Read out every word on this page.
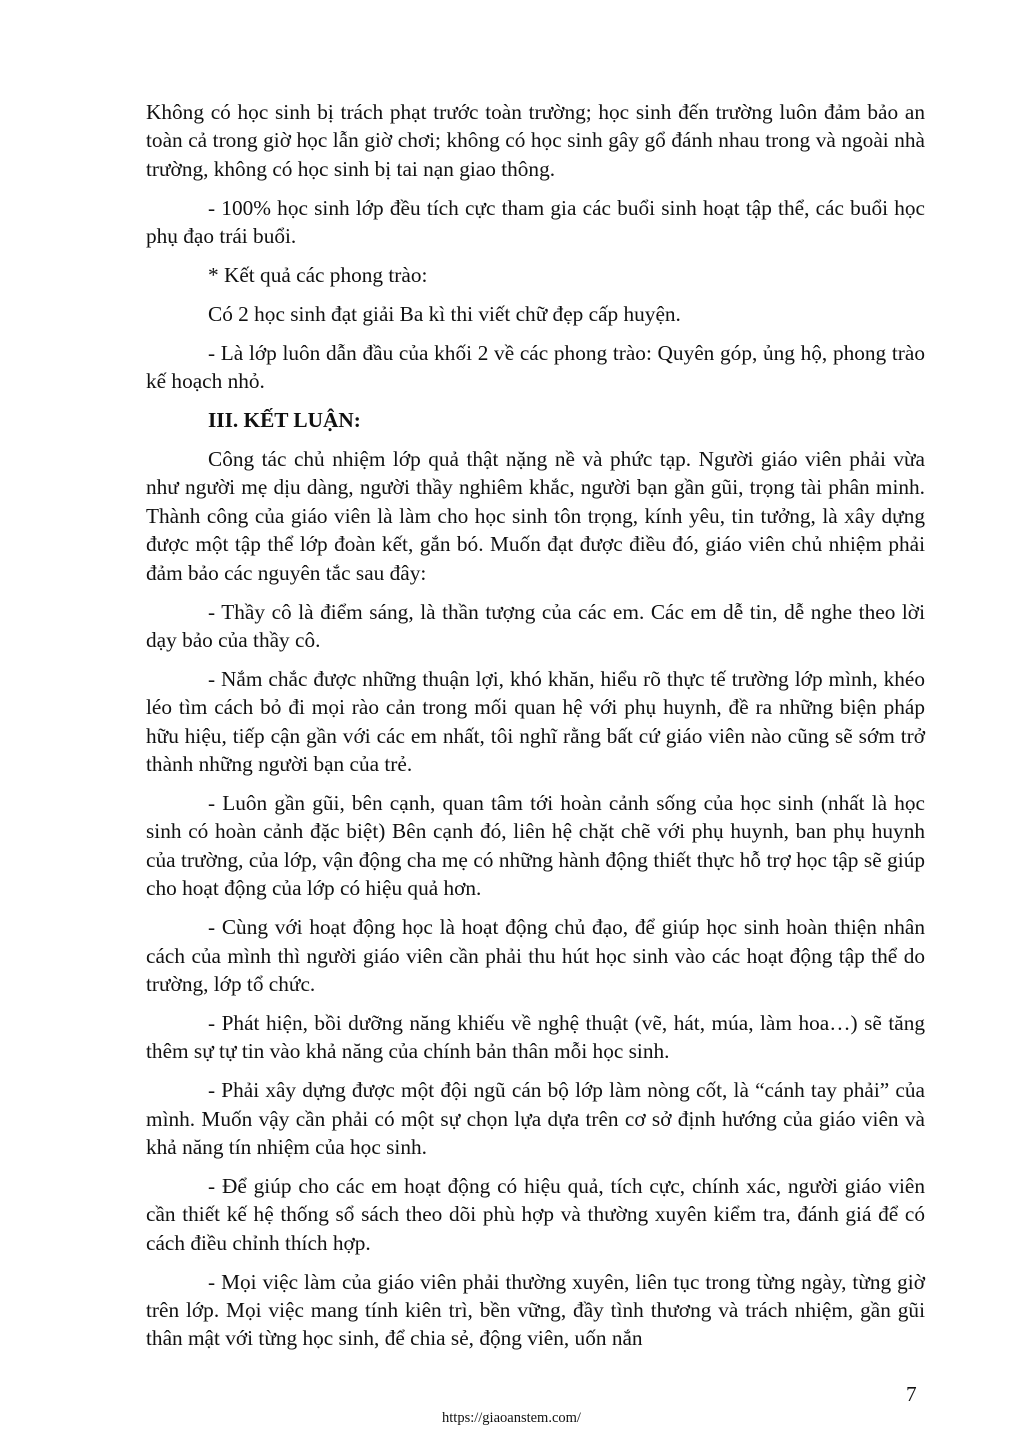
Không có học sinh bị trách phạt trước toàn trường; học sinh đến trường luôn đảm bảo an toàn cả trong giờ học lẫn giờ chơi; không có học sinh gây gổ đánh nhau trong và ngoài nhà trường, không có học sinh bị tai nạn giao thông.

- 100% học sinh lớp đều tích cực tham gia các buổi sinh hoạt tập thể, các buổi học phụ đạo trái buổi.

* Kết quả các phong trào:

Có 2 học sinh đạt giải Ba kì thi viết chữ đẹp cấp huyện.

- Là lớp luôn dẫn đầu của khối 2 về các phong trào: Quyên góp, ủng hộ, phong trào kế hoạch nhỏ.

III. KẾT LUẬN:

Công tác chủ nhiệm lớp quả thật nặng nề và phức tạp. Người giáo viên phải vừa như người mẹ dịu dàng, người thầy nghiêm khắc, người bạn gần gũi, trọng tài phân minh. Thành công của giáo viên là làm cho học sinh tôn trọng, kính yêu, tin tưởng, là xây dựng được một tập thể lớp đoàn kết, gắn bó. Muốn đạt được điều đó, giáo viên chủ nhiệm phải đảm bảo các nguyên tắc sau đây:

- Thầy cô là điểm sáng, là thần tượng của các em. Các em dễ tin, dễ nghe theo lời dạy bảo của thầy cô.

- Nắm chắc được những thuận lợi, khó khăn, hiểu rõ thực tế trường lớp mình, khéo léo tìm cách bỏ đi mọi rào cản trong mối quan hệ với phụ huynh, đề ra những biện pháp hữu hiệu, tiếp cận gần với các em nhất, tôi nghĩ rằng bất cứ giáo viên nào cũng sẽ sớm trở thành những người bạn của trẻ.

- Luôn gần gũi, bên cạnh, quan tâm tới hoàn cảnh sống của học sinh (nhất là học sinh có hoàn cảnh đặc biệt) Bên cạnh đó, liên hệ chặt chẽ với phụ huynh, ban phụ huynh của trường, của lớp, vận động cha mẹ có những hành động thiết thực hỗ trợ học tập sẽ giúp cho hoạt động của lớp có hiệu quả hơn.

- Cùng với hoạt động học là hoạt động chủ đạo, để giúp học sinh hoàn thiện nhân cách của mình thì người giáo viên cần phải thu hút học sinh vào các hoạt động tập thể do trường, lớp tổ chức.

- Phát hiện, bồi dưỡng năng khiếu về nghệ thuật (vẽ, hát, múa, làm hoa…) sẽ tăng thêm sự tự tin vào khả năng của chính bản thân mỗi học sinh.

- Phải xây dựng được một đội ngũ cán bộ lớp làm nòng cốt, là “cánh tay phải” của mình. Muốn vậy cần phải có một sự chọn lựa dựa trên cơ sở định hướng của giáo viên và khả năng tín nhiệm của học sinh.

- Để giúp cho các em hoạt động có hiệu quả, tích cực, chính xác, người giáo viên cần thiết kế hệ thống sổ sách theo dõi phù hợp và thường xuyên kiểm tra, đánh giá để có cách điều chỉnh thích hợp.

- Mọi việc làm của giáo viên phải thường xuyên, liên tục trong từng ngày, từng giờ trên lớp. Mọi việc mang tính kiên trì, bền vững, đầy tình thương và trách nhiệm, gần gũi thân mật với từng học sinh, để chia sẻ, động viên, uốn nắn

7
https://giaoanstem.com/
